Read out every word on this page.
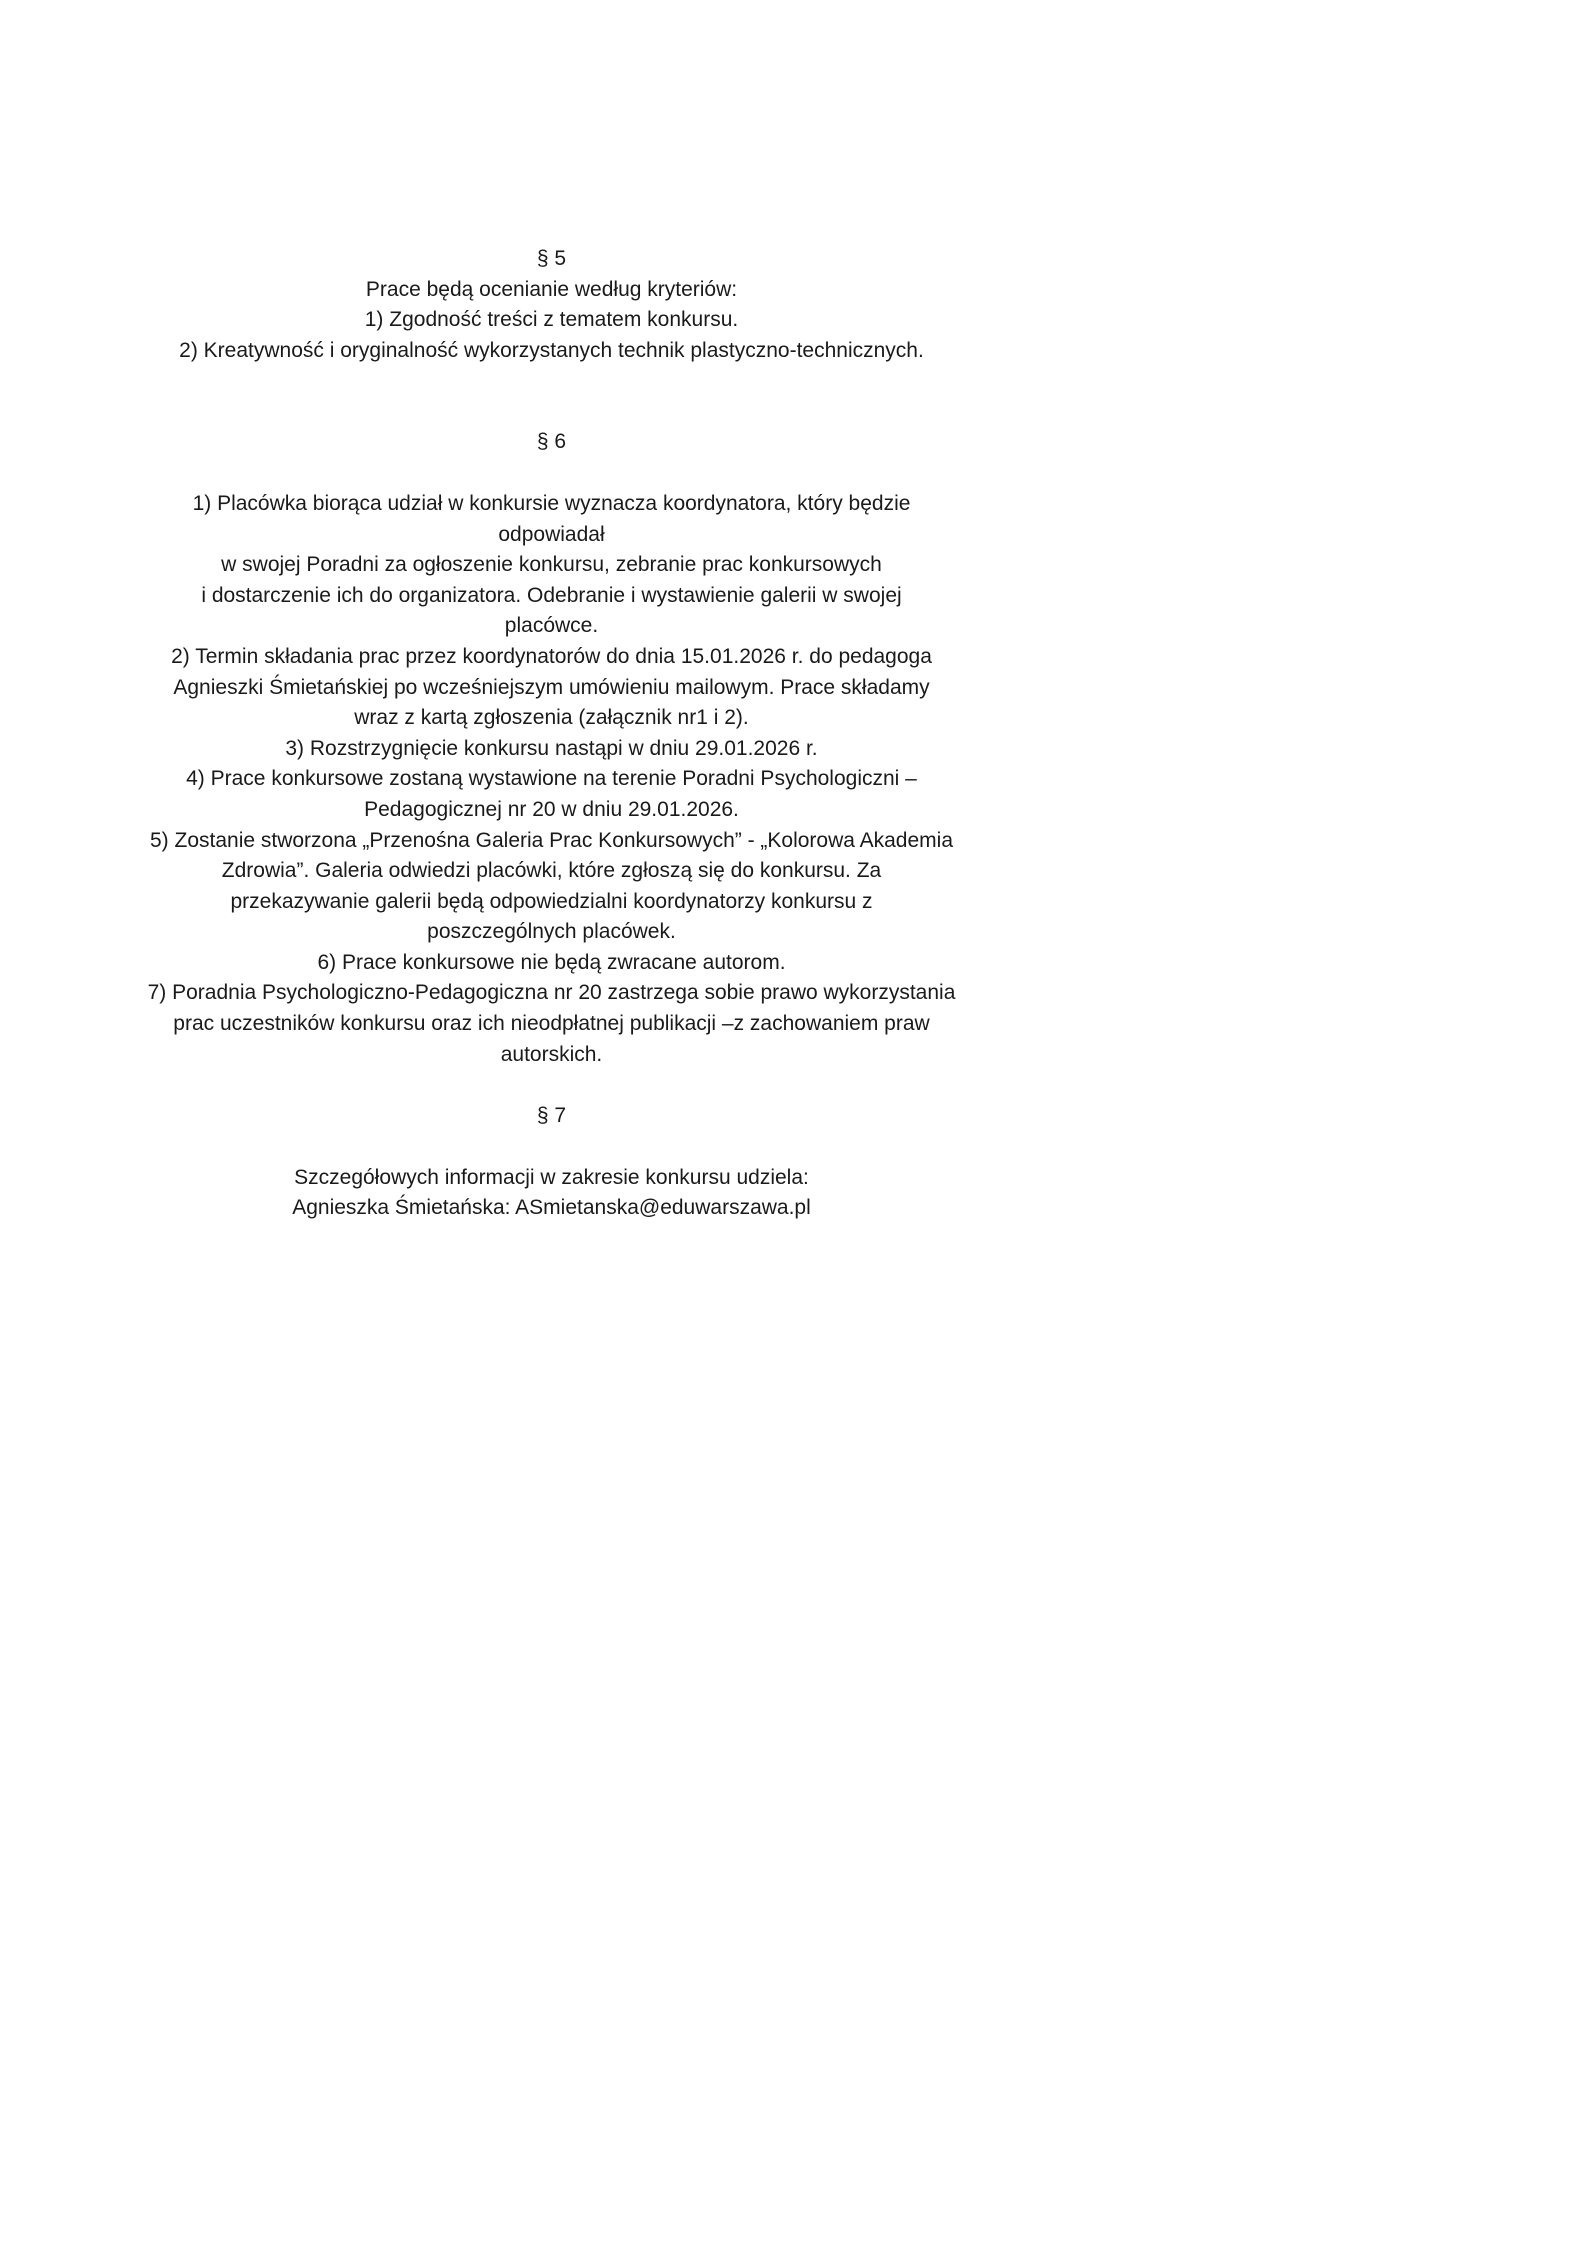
§ 5
Prace będą ocenianie według kryteriów:
1) Zgodność treści z tematem konkursu.
2) Kreatywność i oryginalność wykorzystanych technik plastyczno-technicznych.
§ 6
1) Placówka biorąca udział w konkursie wyznacza koordynatora, który będzie
odpowiadał
w swojej Poradni za ogłoszenie konkursu, zebranie prac konkursowych
i dostarczenie ich do organizatora. Odebranie i wystawienie galerii w swojej
placówce.
2) Termin składania prac przez koordynatorów do dnia 15.01.2026 r. do pedagoga
Agnieszki Śmietańskiej po wcześniejszym umówieniu mailowym. Prace składamy
wraz z kartą zgłoszenia (załącznik nr1 i 2).
3) Rozstrzygnięcie konkursu nastąpi w dniu 29.01.2026 r.
4) Prace konkursowe zostaną wystawione na terenie Poradni Psychologiczni –
Pedagogicznej nr 20 w dniu 29.01.2026.
5) Zostanie stworzona „Przenośna Galeria Prac Konkursowych” - „Kolorowa Akademia
Zdrowia”. Galeria odwiedzi placówki, które zgłoszą się do konkursu. Za
przekazywanie galerii będą odpowiedzialni koordynatorzy konkursu z
poszczególnych placówek.
6) Prace konkursowe nie będą zwracane autorom.
7) Poradnia Psychologiczno-Pedagogiczna nr 20 zastrzega sobie prawo wykorzystania
prac uczestników konkursu oraz ich nieodpłatnej publikacji –z zachowaniem praw
autorskich.
§ 7
Szczegółowych informacji w zakresie konkursu udziela:
Agnieszka Śmietańska: ASmietanska@eduwarszawa.pl
